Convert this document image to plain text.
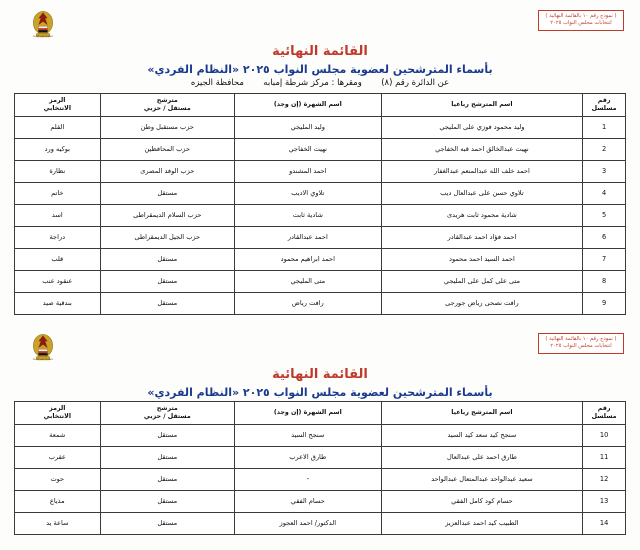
( نموذج رقم ١٠ بالقائمة النهائية )
انتخابات مجلس النواب ٢٠٢٥
جمهورية مصر العربية
القائمة النهائية
بأسماء المترشحين لعضوية مجلس النواب ٢٠٢٥ «النظام الفردي»
عن الدائرة رقم (٨)  ومقرها : مركز شرطة إمبابه  محافظة الجيزه
رقم
مسلسل	اسم المترشح رباعيا	اسم الشهرة (إن وجد)	مترشح
مستقل / حزبي	الرمز
الانتخابي

1	وليد محمود فوزي على المليجي	وليد المليجي	حزب مستقبل وطن	القلم
2	نهيت عبدالخالق احمد قبه الخفاجي	نهيت الخفاجي	حزب المحافظين	بوكيه ورد
3	احمد خلف الله عبدالمنعم عبدالغفار	احمد المشندو	حزب الوفد المصرى	نظارة
4	تلاوي حسن على عبدالعال ديب	تلاوي الاديب	مستقل	خاتم
5	شادية محمود ثابت هريدى	شادية ثابت	حزب السلام الديمقراطى	اسد
6	احمد فؤاد احمد عبدالقادر	احمد عبدالقادر	حزب الجيل الديمقراطى	دراجة
7	احمد السيد احمد محمود	احمد ابراهيم محمود	مستقل	قلب
8	متى على كمل على المليجي	متى المليجي	مستقل	عنقود عنب
9	رافت نصحى رياض جورجى	رافت رياض	مستقل	بندقية صيد
( نموذج رقم ١٠ بالقائمة النهائية )
انتخابات مجلس النواب ٢٠٢٥
جمهورية مصر العربية
القائمة النهائية
بأسماء المترشحين لعضوية مجلس النواب ٢٠٢٥ «النظام الفردي»
رقم
مسلسل	اسم المترشح رباعيا	اسم الشهرة (إن وجد)	مترشح
مستقل / حزبي	الرمز
الانتخابي

10	سنجح كيد سعد كيد السيد	سنجح السيد	مستقل	شمعة
11	طارق احمد على عبدالعال	طارق الاعرب	مستقل	عقرب
12	سعيد عبدالواحد عبدالمتعال عبدالواحد	-	مستقل	حوت
13	حسام كود كامل الفقي	حسام الفقي	مستقل	مذياع
14	الطبيب كيد احمد عبدالعزيز	الدكتور/ احمد العجوز	مستقل	ساعة يد
